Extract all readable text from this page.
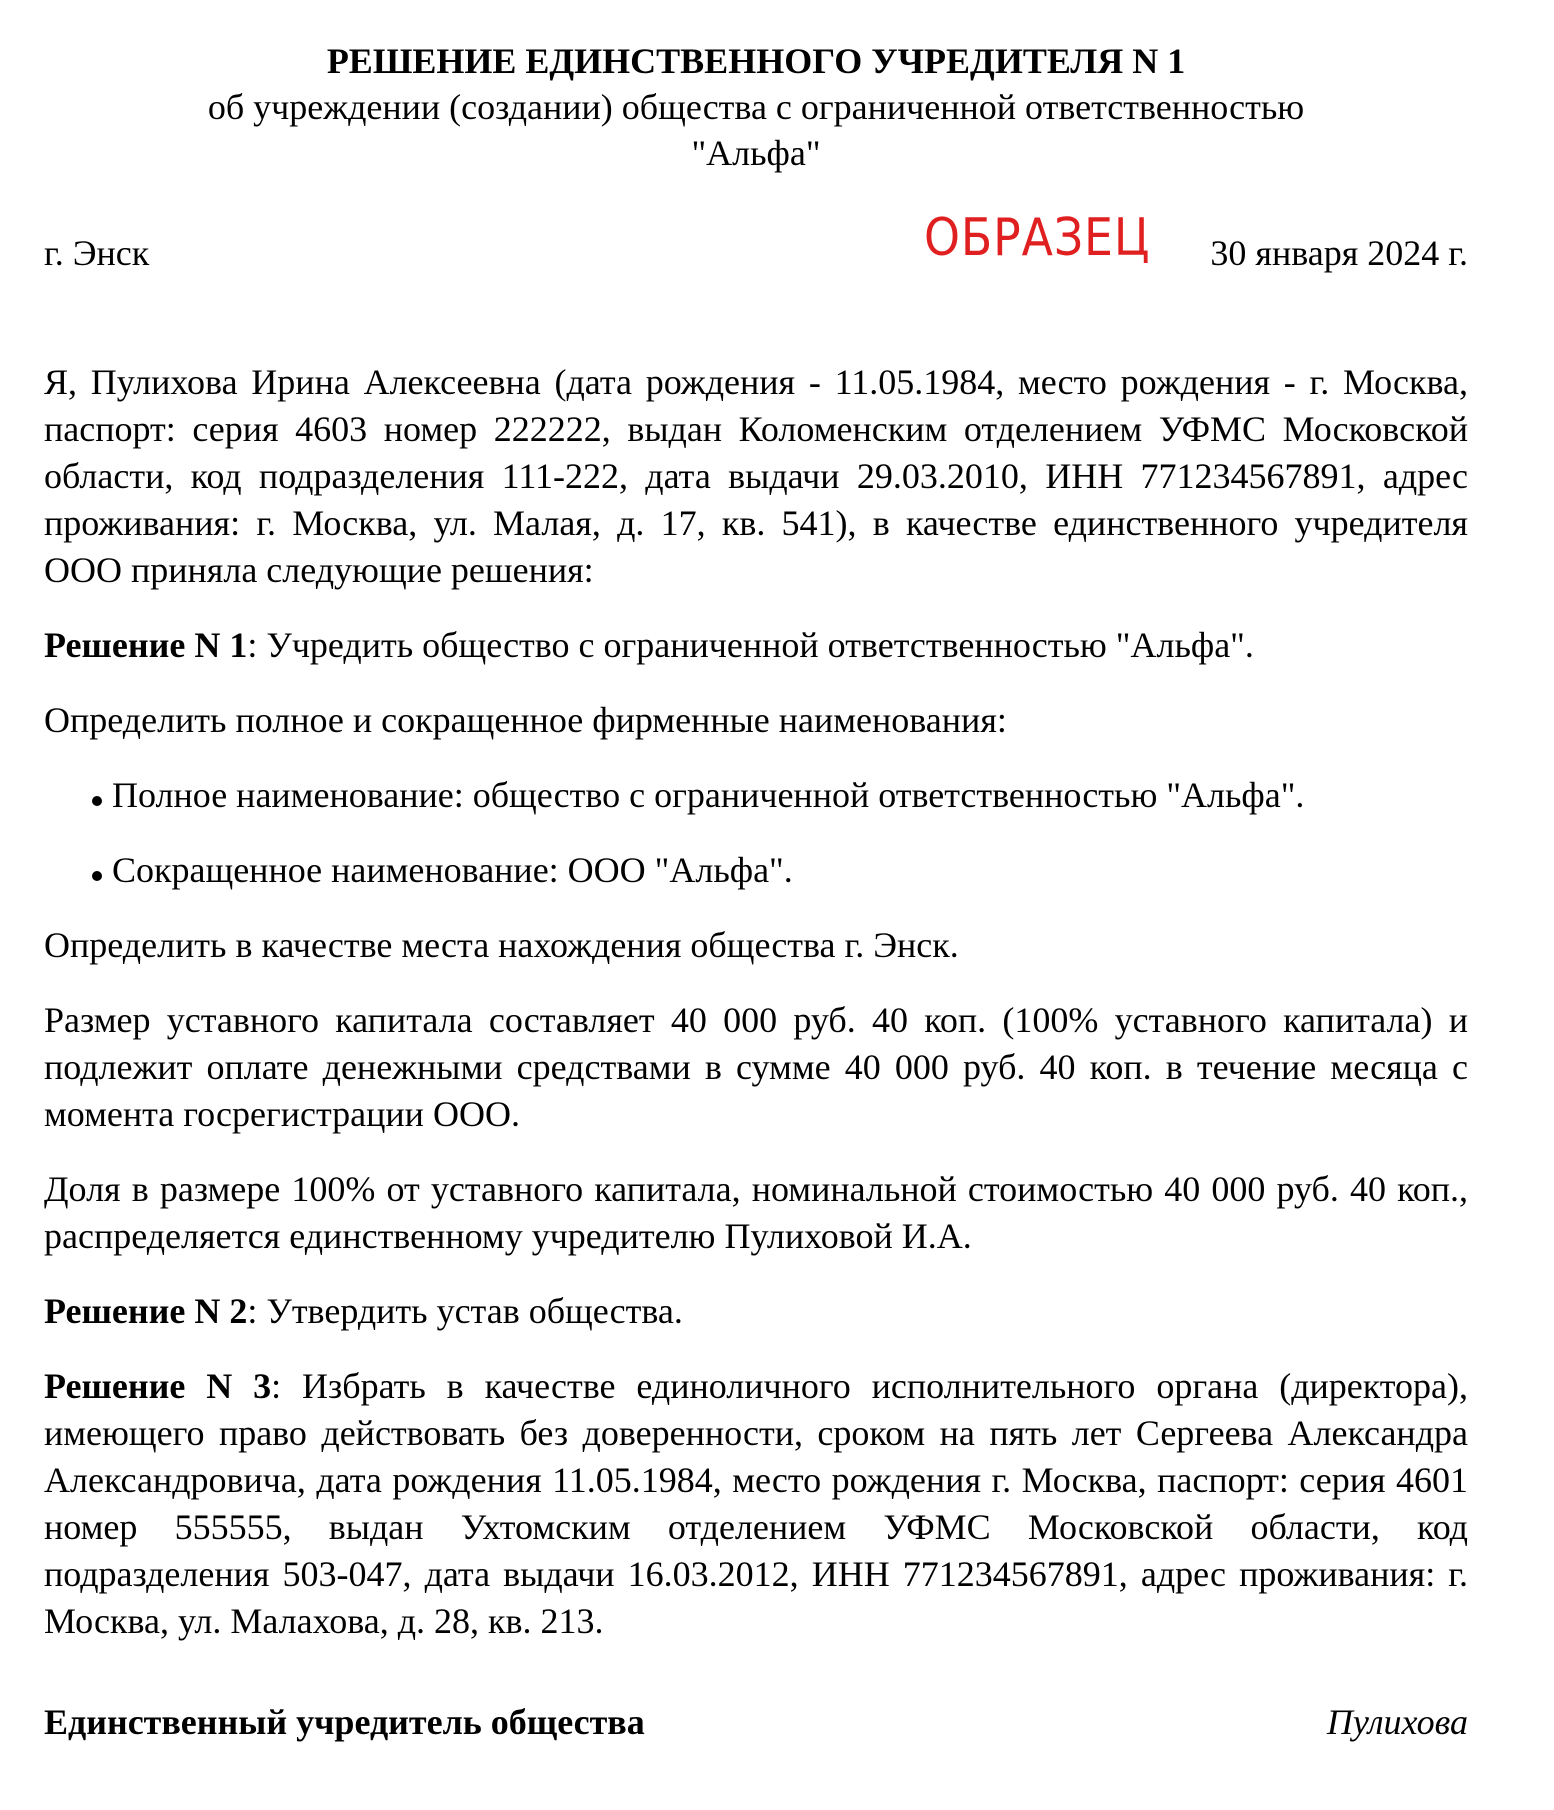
РЕШЕНИЕ ЕДИНСТВЕННОГО УЧРЕДИТЕЛЯ N 1

об учреждении (создании) общества с ограниченной ответственностью

"Альфа"

г. Энск	30 января 2024 г.
ОБРАЗЕЦ

Я, Пулихова Ирина Алексеевна (дата рождения - 11.05.1984, место рождения - г. Москва, паспорт: серия 4603 номер 222222, выдан Коломенским отделением УФМС Московской области, код подразделения 111-222, дата выдачи 29.03.2010, ИНН 771234567891, адрес проживания: г. Москва, ул. Малая, д. 17, кв. 541), в качестве единственного учредителя ООО приняла следующие решения:

Решение N 1: Учредить общество с ограниченной ответственностью "Альфа".

Определить полное и сокращенное фирменные наименования:

Полное наименование: общество с ограниченной ответственностью "Альфа".
Сокращенное наименование: ООО "Альфа".

Определить в качестве места нахождения общества г. Энск.

Размер уставного капитала составляет 40 000 руб. 40 коп. (100% уставного капитала) и подлежит оплате денежными средствами в сумме 40 000 руб. 40 коп. в течение месяца с момента госрегистрации ООО.

Доля в размере 100% от уставного капитала, номинальной стоимостью 40 000 руб. 40 коп., распределяется единственному учредителю Пулиховой И.А.

Решение N 2: Утвердить устав общества.

Решение N 3: Избрать в качестве единоличного исполнительного органа (директора), имеющего право действовать без доверенности, сроком на пять лет Сергеева Александра Александровича, дата рождения 11.05.1984, место рождения г. Москва, паспорт: серия 4601 номер 555555, выдан Ухтомским отделением УФМС Московской области, код подразделения 503-047, дата выдачи 16.03.2012, ИНН 771234567891, адрес проживания: г. Москва, ул. Малахова, д. 28, кв. 213.

Единственный учредитель общества	Пулихова
